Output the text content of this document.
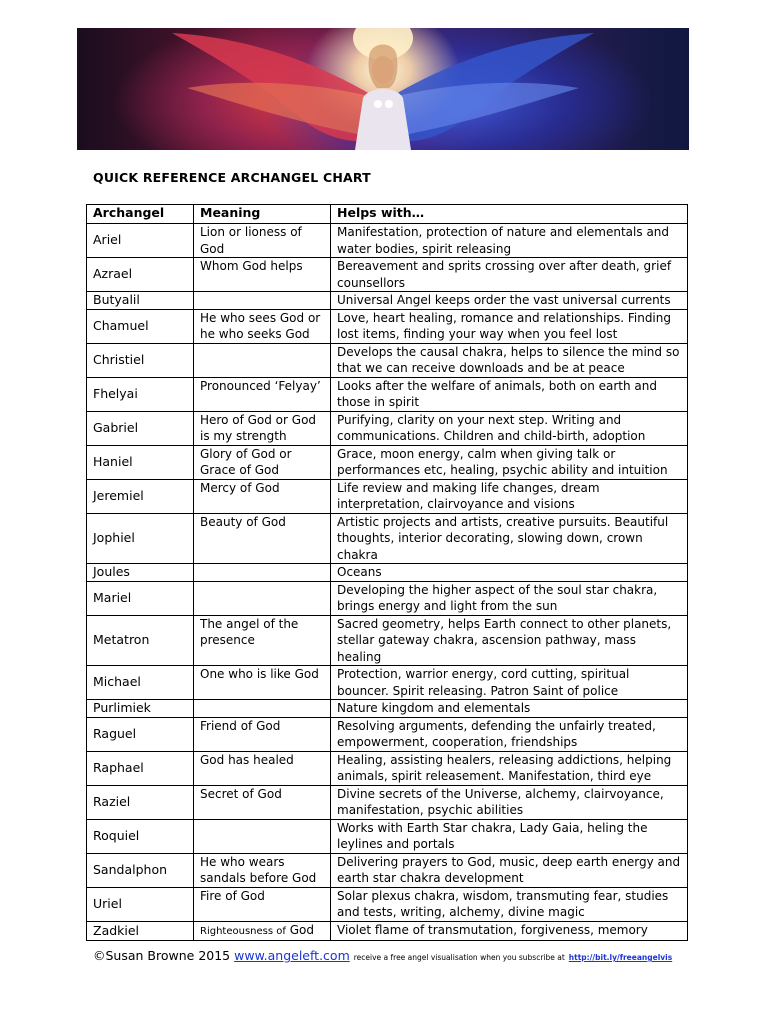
QUICK REFERENCE ARCHANGEL CHART
Archangel	Meaning	Helps with…
Ariel	Lion or lioness of God	Manifestation, protection of nature and elementals and water bodies, spirit releasing
Azrael	Whom God helps	Bereavement and sprits crossing over after death, grief counsellors
Butyalil		Universal Angel keeps order the vast universal currents
Chamuel	He who sees God or he who seeks God	Love, heart healing, romance and relationships. Finding lost items, finding your way when you feel lost
Christiel		Develops the causal chakra, helps to silence the mind so that we can receive downloads and be at peace
Fhelyai	Pronounced ‘Felyay’	Looks after the welfare of animals, both on earth and those in spirit
Gabriel	Hero of God or God is my strength	Purifying, clarity on your next step. Writing and communications. Children and child-birth, adoption
Haniel	Glory of God or Grace of God	Grace, moon energy, calm when giving talk or performances etc, healing, psychic ability and intuition
Jeremiel	Mercy of God	Life review and making life changes, dream interpretation, clairvoyance and visions
Jophiel	Beauty of God	Artistic projects and artists, creative pursuits. Beautiful thoughts, interior decorating, slowing down, crown chakra
Joules		Oceans
Mariel		Developing the higher aspect of the soul star chakra, brings energy and light from the sun
Metatron	The angel of the presence	Sacred geometry, helps Earth connect to other planets, stellar gateway chakra, ascension pathway, mass healing
Michael	One who is like God	Protection, warrior energy, cord cutting, spiritual bouncer. Spirit releasing. Patron Saint of police
Purlimiek		Nature kingdom and elementals
Raguel	Friend of God	Resolving arguments, defending the unfairly treated, empowerment, cooperation, friendships
Raphael	God has healed	Healing, assisting healers, releasing addictions, helping animals, spirit releasement. Manifestation, third eye
Raziel	Secret of God	Divine secrets of the Universe, alchemy, clairvoyance, manifestation, psychic abilities
Roquiel		Works with Earth Star chakra, Lady Gaia, heling the leylines and portals
Sandalphon	He who wears sandals before God	Delivering prayers to God, music, deep earth energy and earth star chakra development
Uriel	Fire of God	Solar plexus chakra, wisdom, transmuting fear, studies and tests, writing, alchemy, divine magic
Zadkiel	Righteousness of God	Violet flame of transmutation, forgiveness, memory
©Susan Browne 2015 www.angeleft.com receive a free angel visualisation when you subscribe at http://bit.ly/freeangelvis
